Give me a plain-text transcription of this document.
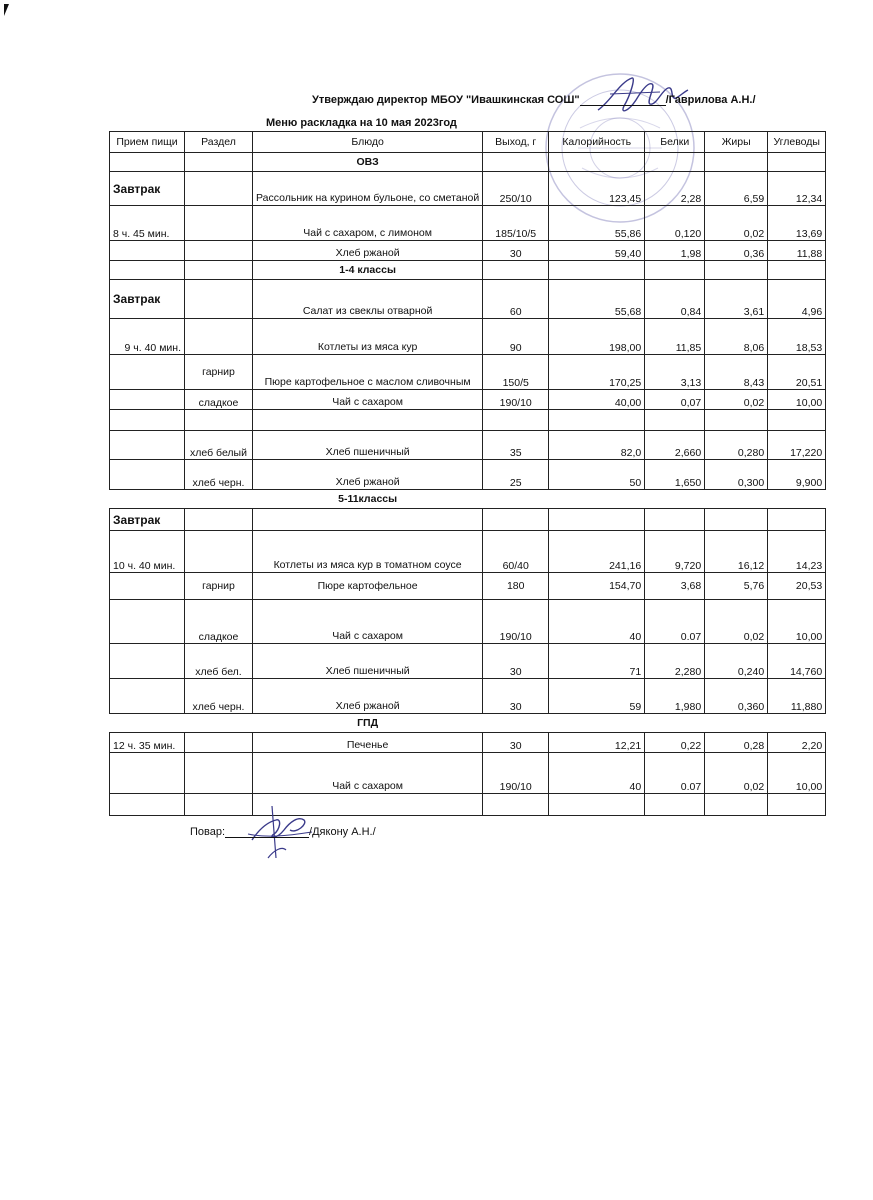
Утверждаю директор МБОУ "Ивашкинская СОШ"	/Гаврилова А.Н./
Меню раскладка на 10 мая 2023год
Прием пищи	Раздел	Блюдо	Выход, г	Калорийность	Белки	Жиры	Углеводы
		ОВЗ					
Завтрак		Рассольник на курином бульоне, со сметаной	250/10	123,45	2,28	6,59	12,34
8 ч. 45 мин.		Чай с сахаром, с лимоном	185/10/5	55,86	0,120	0,02	13,69
		Хлеб ржаной	30	59,40	1,98	0,36	11,88
		1-4 классы					
Завтрак		Салат из свеклы отварной	60	55,68	0,84	3,61	4,96
9 ч. 40 мин.		Котлеты из мяса кур	90	198,00	11,85	8,06	18,53
	гарнир	Пюре картофельное с маслом сливочным	150/5	170,25	3,13	8,43	20,51
	сладкое	Чай с сахаром	190/10	40,00	0,07	0,02	10,00

	хлеб белый	Хлеб пшеничный	35	82,0	2,660	0,280	17,220
	хлеб черн.	Хлеб ржаной	25	50	1,650	0,300	9,900
		5-11классы					
Завтрак							
10 ч. 40 мин.		Котлеты из мяса кур в томатном соусе	60/40	241,16	9,720	16,12	14,23
	гарнир	Пюре картофельное	180	154,70	3,68	5,76	20,53
	сладкое	Чай с сахаром	190/10	40	0.07	0,02	10,00
	хлеб бел.	Хлеб пшеничный	30	71	2,280	0,240	14,760
	хлеб черн.	Хлеб ржаной	30	59	1,980	0,360	11,880
		ГПД					
12 ч. 35 мин.		Печенье	30	12,21	0,22	0,28	2,20
		Чай с сахаром	190/10	40	0.07	0,02	10,00

Повар:	/Дякону А.Н./
